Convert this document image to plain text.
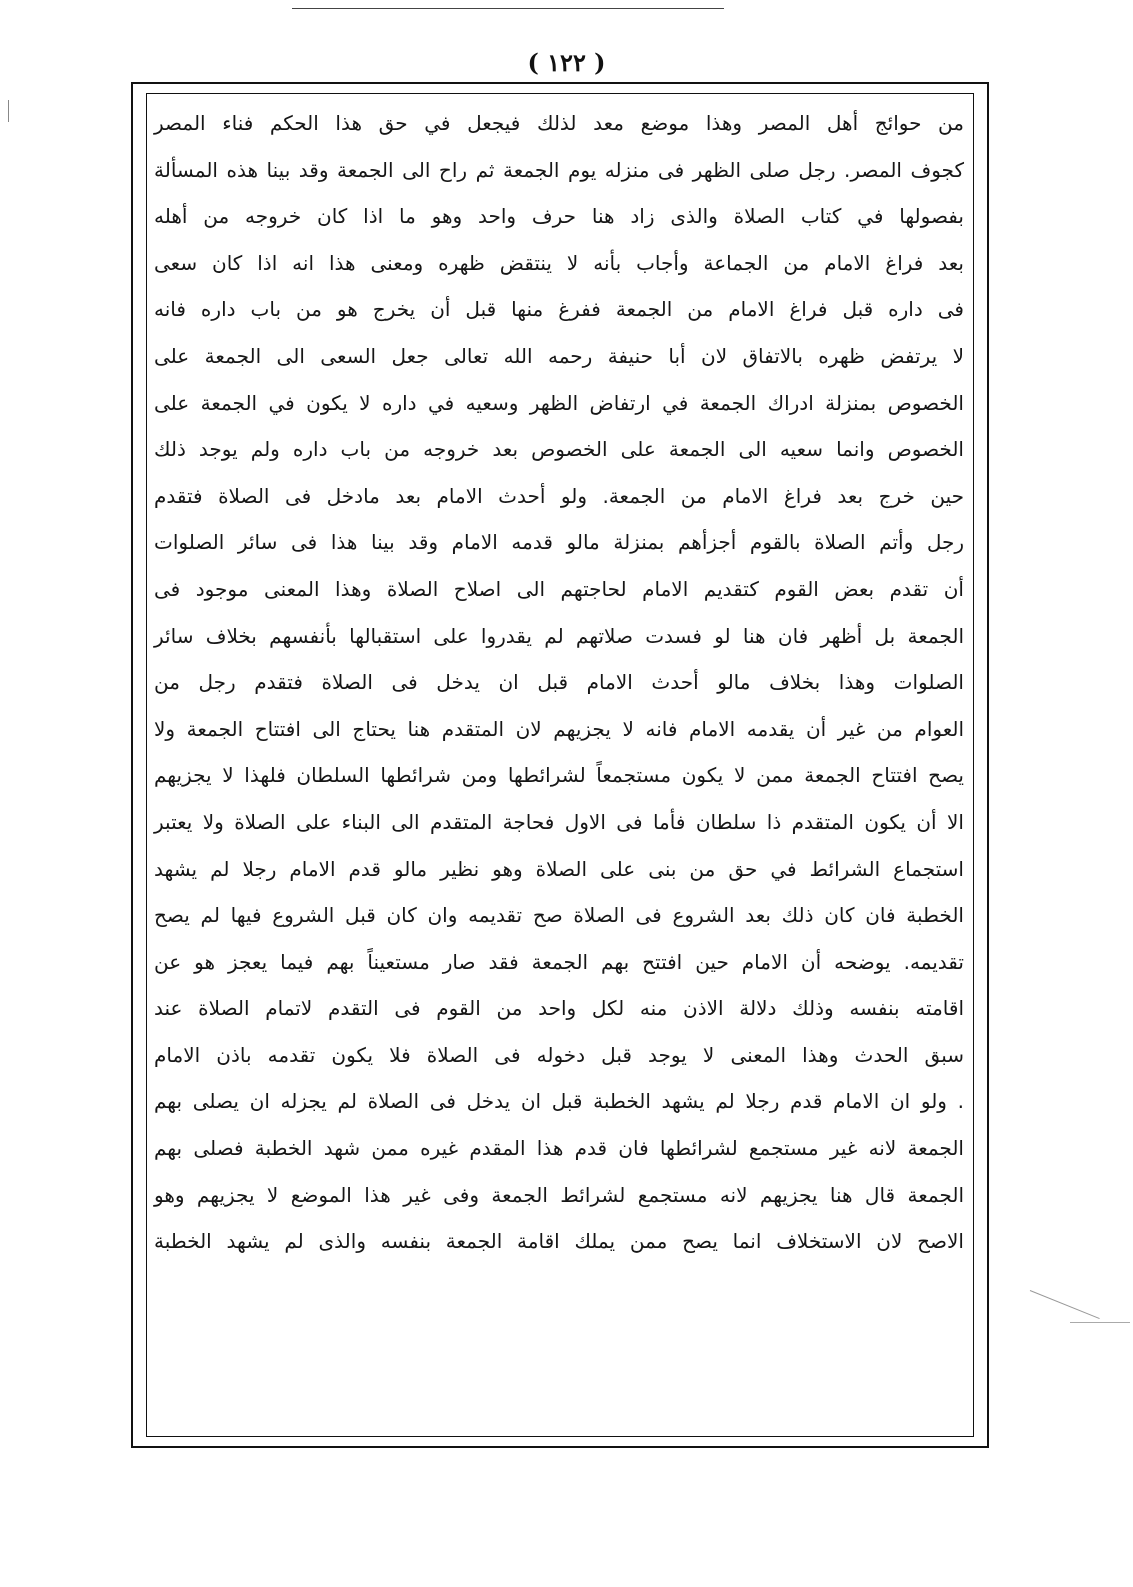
( ١٢٢ )
من حوائج أهل المصر وهذا موضع معد لذلك فيجعل في حق هذا الحكم فناء المصر
كجوف المصر. رجل صلى الظهر فى منزله يوم الجمعة ثم راح الى الجمعة وقد بينا هذه المسألة
بفصولها في كتاب الصلاة والذى زاد هنا حرف واحد وهو ما اذا كان خروجه من أهله
بعد فراغ الامام من الجماعة وأجاب بأنه لا ينتقض ظهره ومعنى هذا انه اذا كان سعى
فى داره قبل فراغ الامام من الجمعة ففرغ منها قبل أن يخرج هو من باب داره فانه
لا يرتفض ظهره بالاتفاق لان أبا حنيفة رحمه الله تعالى جعل السعى الى الجمعة على
الخصوص بمنزلة ادراك الجمعة في ارتفاض الظهر وسعيه في داره لا يكون في الجمعة على
الخصوص وانما سعيه الى الجمعة على الخصوص بعد خروجه من باب داره ولم يوجد ذلك
حين خرج بعد فراغ الامام من الجمعة. ولو أحدث الامام بعد مادخل فى الصلاة فتقدم
رجل وأتم الصلاة بالقوم أجزأهم بمنزلة مالو قدمه الامام وقد بينا هذا فى سائر الصلوات
أن تقدم بعض القوم كتقديم الامام لحاجتهم الى اصلاح الصلاة وهذا المعنى موجود فى
الجمعة بل أظهر فان هنا لو فسدت صلاتهم لم يقدروا على استقبالها بأنفسهم بخلاف سائر
الصلوات وهذا بخلاف مالو أحدث الامام قبل ان يدخل فى الصلاة فتقدم رجل من
العوام من غير أن يقدمه الامام فانه لا يجزيهم لان المتقدم هنا يحتاج الى افتتاح الجمعة ولا
يصح افتتاح الجمعة ممن لا يكون مستجمعاً لشرائطها ومن شرائطها السلطان فلهذا لا يجزيهم
الا أن يكون المتقدم ذا سلطان فأما فى الاول فحاجة المتقدم الى البناء على الصلاة ولا يعتبر
استجماع الشرائط في حق من بنى على الصلاة وهو نظير مالو قدم الامام رجلا لم يشهد
الخطبة فان كان ذلك بعد الشروع فى الصلاة صح تقديمه وان كان قبل الشروع فيها لم يصح
تقديمه. يوضحه أن الامام حين افتتح بهم الجمعة فقد صار مستعيناً بهم فيما يعجز هو عن
اقامته بنفسه وذلك دلالة الاذن منه لكل واحد من القوم فى التقدم لاتمام الصلاة عند
سبق الحدث وهذا المعنى لا يوجد قبل دخوله فى الصلاة فلا يكون تقدمه باذن الامام
. ولو ان الامام قدم رجلا لم يشهد الخطبة قبل ان يدخل فى الصلاة لم يجزله ان يصلى بهم
الجمعة لانه غير مستجمع لشرائطها فان قدم هذا المقدم غيره ممن شهد الخطبة فصلى بهم
الجمعة قال هنا يجزيهم لانه مستجمع لشرائط الجمعة وفى غير هذا الموضع لا يجزيهم وهو
الاصح لان الاستخلاف انما يصح ممن يملك اقامة الجمعة بنفسه والذى لم يشهد الخطبة
